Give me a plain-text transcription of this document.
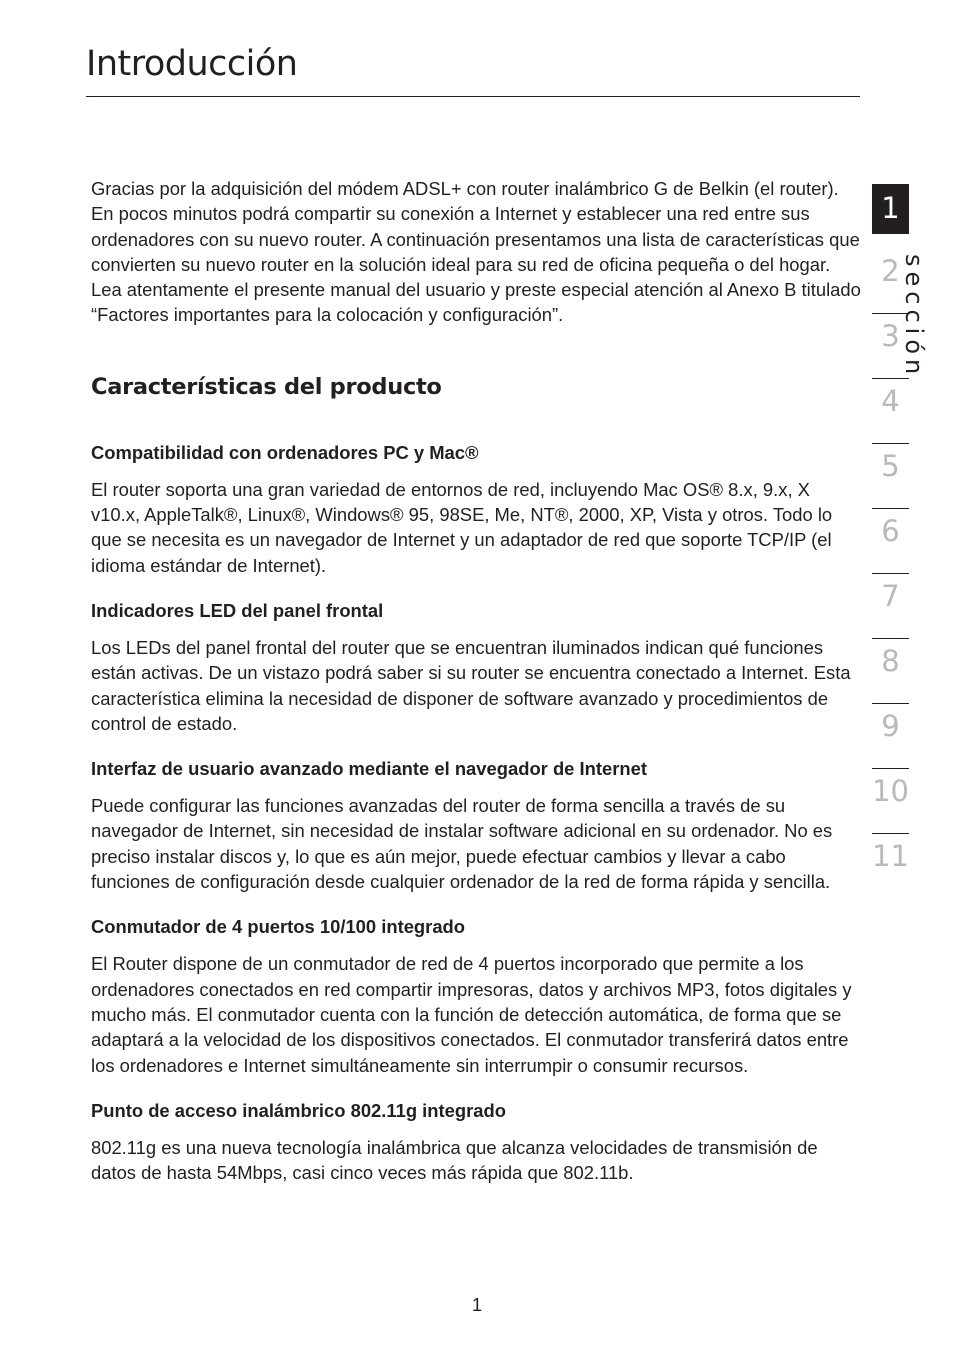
Introducción

Gracias por la adquisición del módem ADSL+ con router inalámbrico G de Belkin (el router). En pocos minutos podrá compartir su conexión a Internet y establecer una red entre sus ordenadores con su nuevo router. A continuación presentamos una lista de características que convierten su nuevo router en la solución ideal para su red de oficina pequeña o del hogar. Lea atentamente el presente manual del usuario y preste especial atención al Anexo B titulado “Factores importantes para la colocación y configuración”.

Características del producto
Compatibilidad con ordenadores PC y Mac®

El router soporta una gran variedad de entornos de red, incluyendo Mac OS® 8.x, 9.x, X v10.x, AppleTalk®, Linux®, Windows® 95, 98SE, Me, NT®, 2000, XP, Vista y otros. Todo lo que se necesita es un navegador de Internet y un adaptador de red que soporte TCP/IP (el idioma estándar de Internet).

Indicadores LED del panel frontal

Los LEDs del panel frontal del router que se encuentran iluminados indican qué funciones están activas. De un vistazo podrá saber si su router se encuentra conectado a Internet. Esta característica elimina la necesidad de disponer de software avanzado y procedimientos de control de estado.

Interfaz de usuario avanzado mediante el navegador de Internet

Puede configurar las funciones avanzadas del router de forma sencilla a través de su navegador de Internet, sin necesidad de instalar software adicional en su ordenador. No es preciso instalar discos y, lo que es aún mejor, puede efectuar cambios y llevar a cabo funciones de configuración desde cualquier ordenador de la red de forma rápida y sencilla.

Conmutador de 4 puertos 10/100 integrado

El Router dispone de un conmutador de red de 4 puertos incorporado que permite a los ordenadores conectados en red compartir impresoras, datos y archivos MP3, fotos digitales y mucho más. El conmutador cuenta con la función de detección automática, de forma que se adaptará a la velocidad de los dispositivos conectados. El conmutador transferirá datos entre los ordenadores e Internet simultáneamente sin interrumpir o consumir recursos.

Punto de acceso inalámbrico 802.11g integrado

802.11g es una nueva tecnología inalámbrica que alcanza velocidades de transmisión de datos de hasta 54Mbps, casi cinco veces más rápida que 802.11b.

1
2
3
4
5
6
7
8
9
10
11
sección
1
